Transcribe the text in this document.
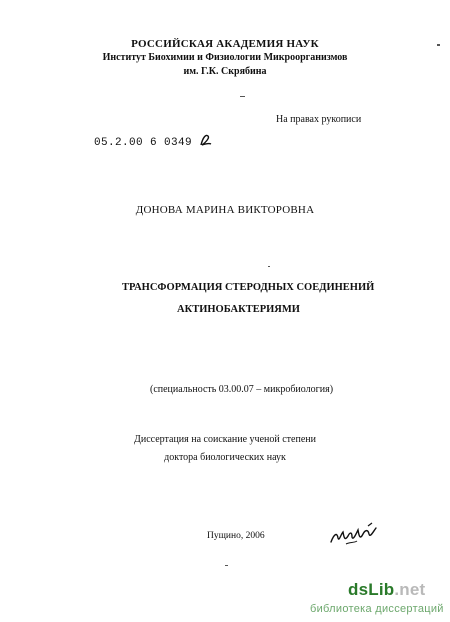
РОССИЙСКАЯ АКАДЕМИЯ НАУК
Институт Биохимии и Физиологии Микроорганизмов
им. Г.К. Скрябина
На правах рукописи
05.2.00 6 0349
ДОНОВА МАРИНА ВИКТОРОВНА
ТРАНСФОРМАЦИЯ СТЕРОДНЫХ СОЕДИНЕНИЙ
АКТИНОБАКТЕРИЯМИ
(специальность 03.00.07 – микробиология)
Диссертация на соискание ученой степени
доктора биологических наук
Пущино, 2006
dsLib.net
библиотека диссертаций
